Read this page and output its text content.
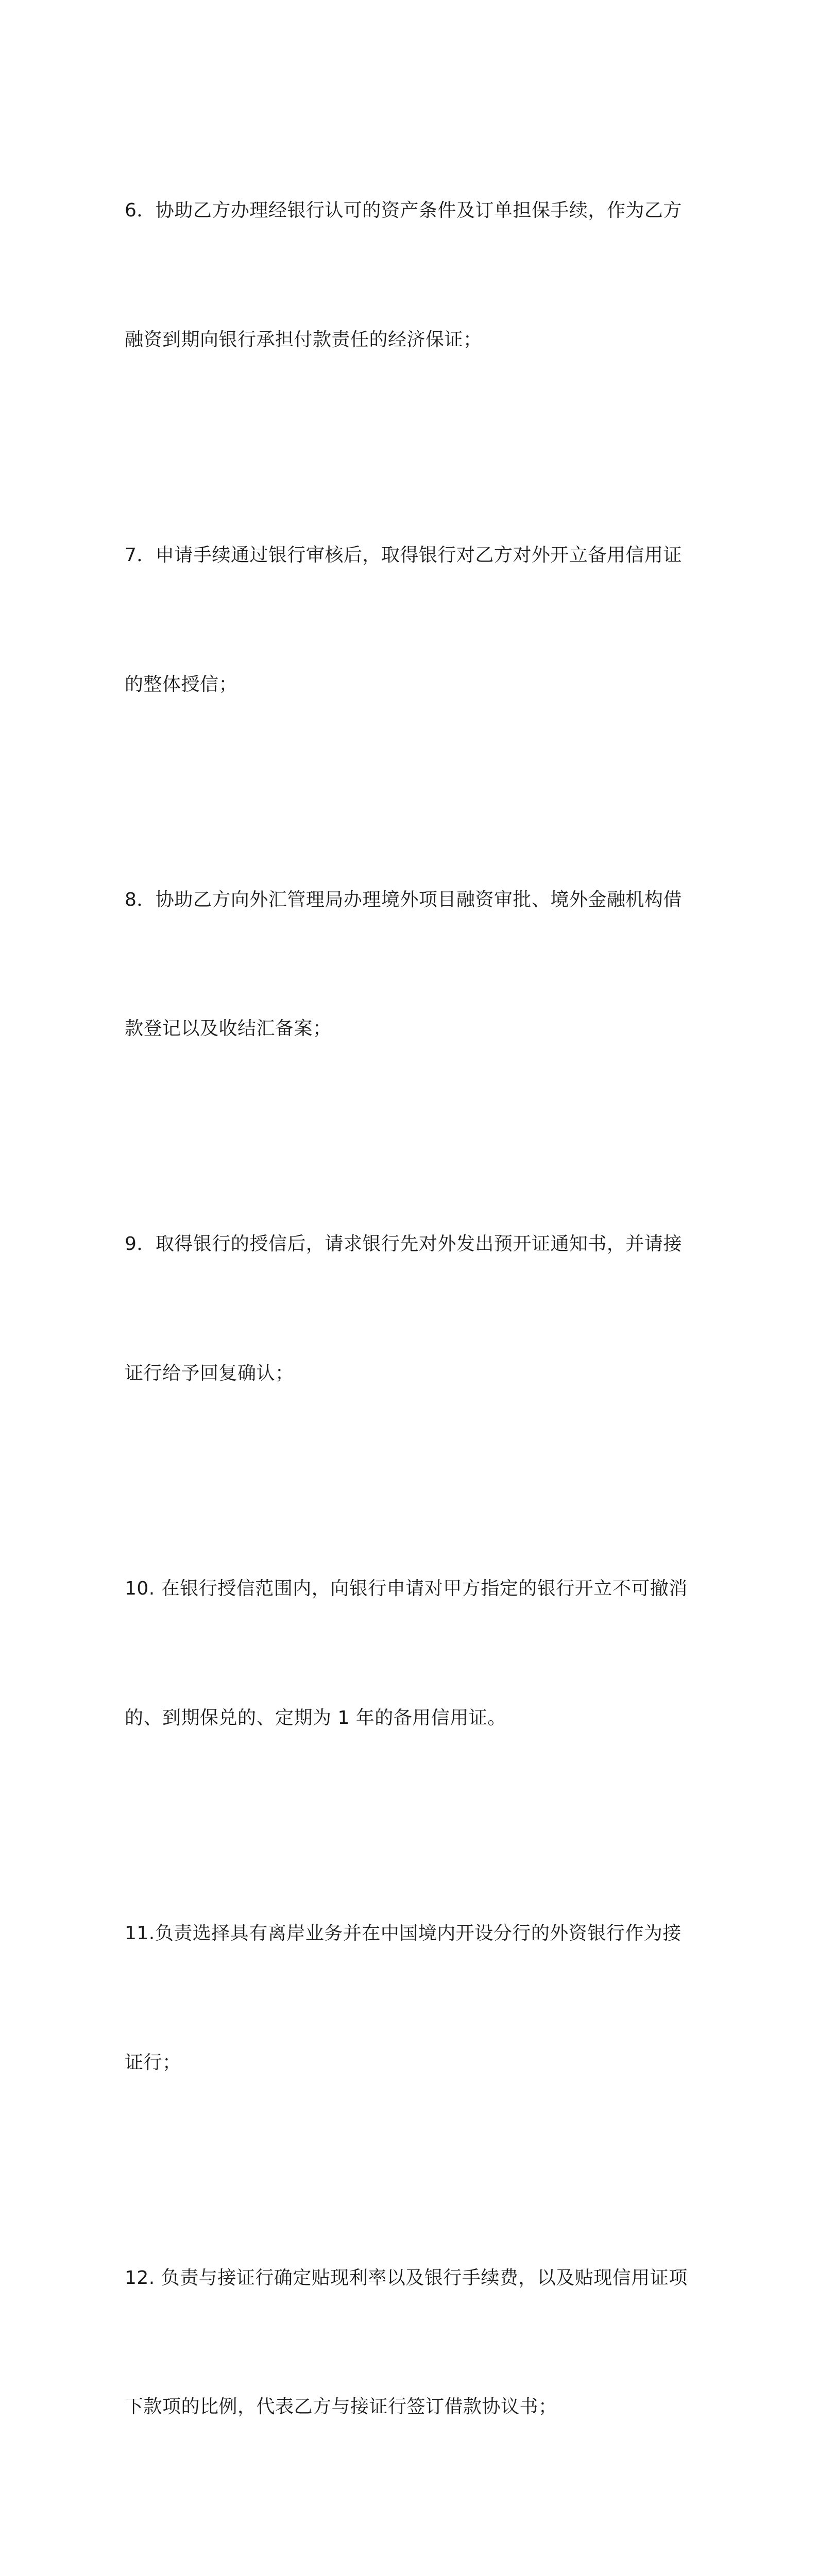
6．协助乙方办理经银行认可的资产条件及订单担保手续，作为乙方

融资到期向银行承担付款责任的经济保证；

7．申请手续通过银行审核后，取得银行对乙方对外开立备用信用证

的整体授信；

8．协助乙方向外汇管理局办理境外项目融资审批、境外金融机构借

款登记以及收结汇备案；

9．取得银行的授信后，请求银行先对外发出预开证通知书，并请接

证行给予回复确认；

10. 在银行授信范围内，向银行申请对甲方指定的银行开立不可撤消

的、到期保兑的、定期为 1 年的备用信用证。

11.负责选择具有离岸业务并在中国境内开设分行的外资银行作为接

证行；

12. 负责与接证行确定贴现利率以及银行手续费，以及贴现信用证项

下款项的比例，代表乙方与接证行签订借款协议书；
